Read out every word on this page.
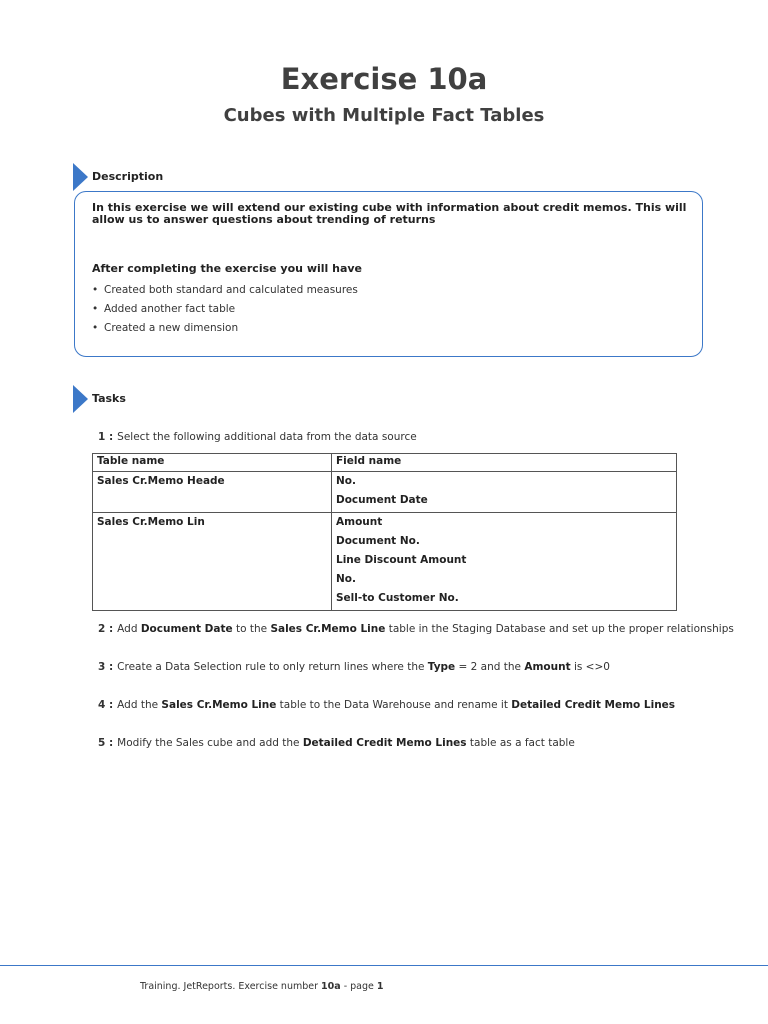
Exercise 10a
Cubes with Multiple Fact Tables
Description
In this exercise we will extend our existing cube with information about credit memos. This will allow us to answer questions about trending of returns
After completing the exercise you will have
• Created both standard and calculated measures
• Added another fact table
• Created a new dimension
Tasks
1 : Select the following additional data from the data source
Table name	Field name

Sales Cr.Memo Heade	No.
Document Date

Sales Cr.Memo Lin	Amount
Document No.
Line Discount Amount
No.
Sell-to Customer No.
2 : Add Document Date to the Sales Cr.Memo Line table in the Staging Database and set up the proper relationships
3 : Create a Data Selection rule to only return lines where the Type = 2 and the Amount is <>0
4 : Add the Sales Cr.Memo Line table to the Data Warehouse and rename it Detailed Credit Memo Lines
5 : Modify the Sales cube and add the Detailed Credit Memo Lines table as a fact table
Training. JetReports. Exercise number 10a - page 1
